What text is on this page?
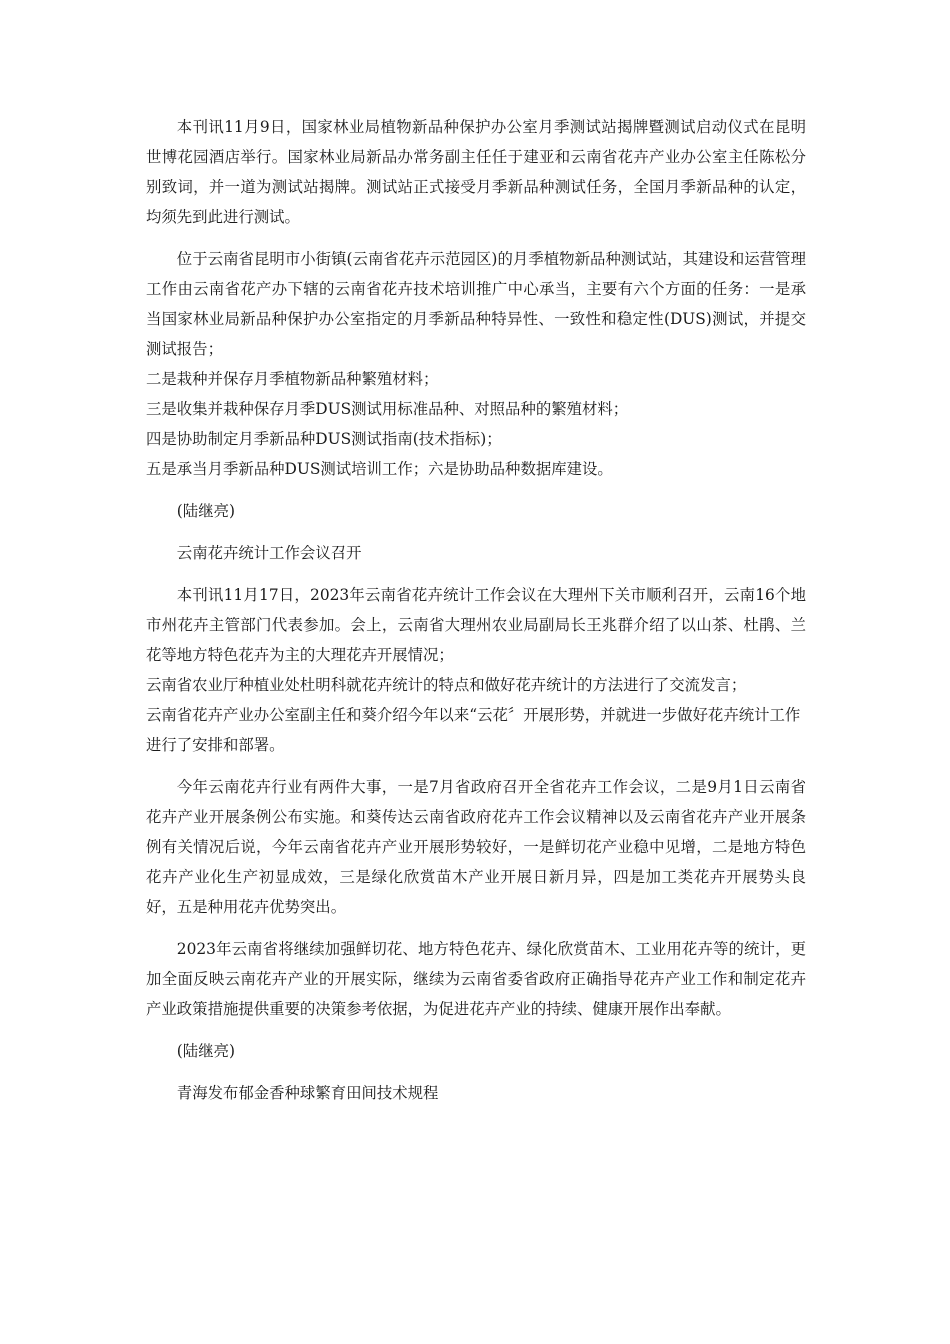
本刊讯11月9日，国家林业局植物新品种保护办公室月季测试站揭牌暨测试启动仪式在昆明世博花园酒店举行。国家林业局新品办常务副主任任于建亚和云南省花卉产业办公室主任陈松分别致词，并一道为测试站揭牌。测试站正式接受月季新品种测试任务，全国月季新品种的认定，均须先到此进行测试。

位于云南省昆明市小街镇(云南省花卉示范园区)的月季植物新品种测试站，其建设和运营管理工作由云南省花产办下辖的云南省花卉技术培训推广中心承当，主要有六个方面的任务：一是承当国家林业局新品种保护办公室指定的月季新品种特异性、一致性和稳定性(DUS)测试，并提交测试报告；

二是栽种并保存月季植物新品种繁殖材料；

三是收集并栽种保存月季DUS测试用标准品种、对照品种的繁殖材料；

四是协助制定月季新品种DUS测试指南(技术指标)；

五是承当月季新品种DUS测试培训工作；六是协助品种数据库建设。

(陆继亮)

云南花卉统计工作会议召开

本刊讯11月17日，2023年云南省花卉统计工作会议在大理州下关市顺利召开，云南16个地市州花卉主管部门代表参加。会上，云南省大理州农业局副局长王兆群介绍了以山茶、杜鹃、兰花等地方特色花卉为主的大理花卉开展情况；

云南省农业厅种植业处杜明科就花卉统计的特点和做好花卉统计的方法进行了交流发言；

云南省花卉产业办公室副主任和葵介绍今年以来“云花〞开展形势，并就进一步做好花卉统计工作进行了安排和部署。

今年云南花卉行业有两件大事，一是7月省政府召开全省花卉工作会议，二是9月1日云南省花卉产业开展条例公布实施。和葵传达云南省政府花卉工作会议精神以及云南省花卉产业开展条例有关情况后说，今年云南省花卉产业开展形势较好，一是鲜切花产业稳中见增，二是地方特色花卉产业化生产初显成效，三是绿化欣赏苗木产业开展日新月异，四是加工类花卉开展势头良好，五是种用花卉优势突出。

2023年云南省将继续加强鲜切花、地方特色花卉、绿化欣赏苗木、工业用花卉等的统计，更加全面反映云南花卉产业的开展实际，继续为云南省委省政府正确指导花卉产业工作和制定花卉产业政策措施提供重要的决策参考依据，为促进花卉产业的持续、健康开展作出奉献。

(陆继亮)

青海发布郁金香种球繁育田间技术规程
